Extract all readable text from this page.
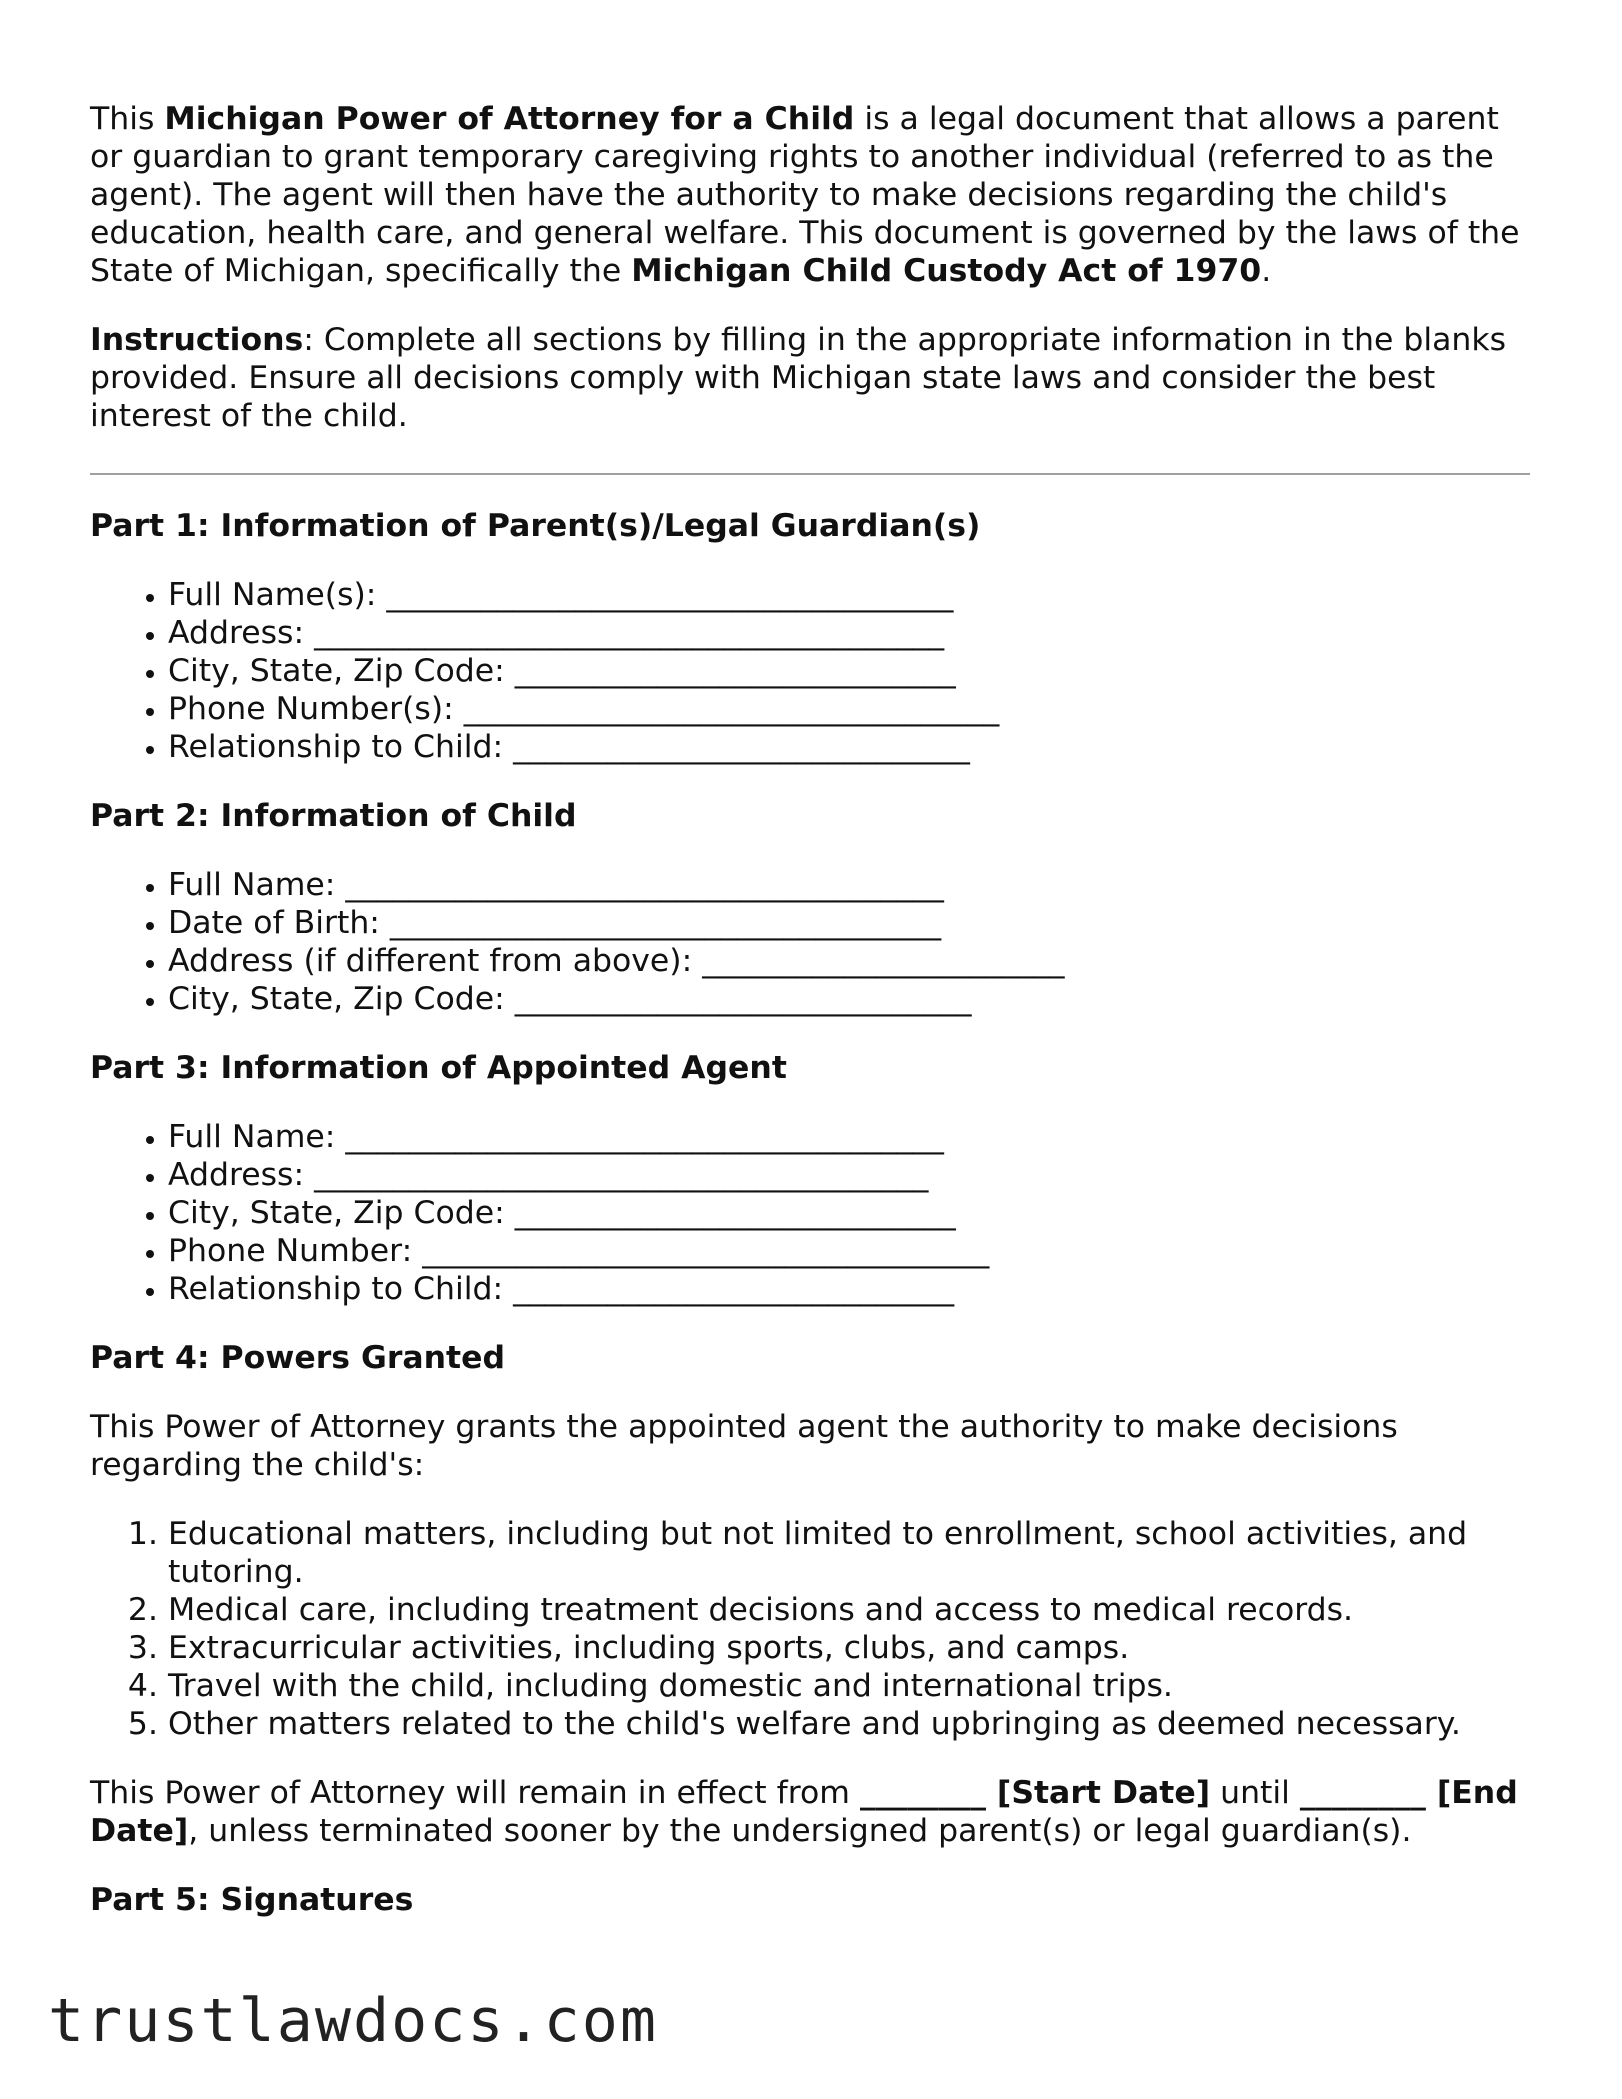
This Michigan Power of Attorney for a Child is a legal document that allows a parent or guardian to grant temporary caregiving rights to another individual (referred to as the agent). The agent will then have the authority to make decisions regarding the child's education, health care, and general welfare. This document is governed by the laws of the State of Michigan, specifically the Michigan Child Custody Act of 1970.

Instructions: Complete all sections by filling in the appropriate information in the blanks provided. Ensure all decisions comply with Michigan state laws and consider the best interest of the child.

Part 1: Information of Parent(s)/Legal Guardian(s)
• Full Name(s): ____________________________________
• Address: ________________________________________
• City, State, Zip Code: ____________________________
• Phone Number(s): __________________________________
• Relationship to Child: _____________________________
Part 2: Information of Child
• Full Name: ______________________________________
• Date of Birth: ___________________________________
• Address (if different from above): _______________________
• City, State, Zip Code: _____________________________
Part 3: Information of Appointed Agent
• Full Name: ______________________________________
• Address: _______________________________________
• City, State, Zip Code: ____________________________
• Phone Number: ____________________________________
• Relationship to Child: ____________________________
Part 4: Powers Granted

This Power of Attorney grants the appointed agent the authority to make decisions regarding the child's:

1. Educational matters, including but not limited to enrollment, school activities, and tutoring.
2. Medical care, including treatment decisions and access to medical records.
3. Extracurricular activities, including sports, clubs, and camps.
4. Travel with the child, including domestic and international trips.
5. Other matters related to the child's welfare and upbringing as deemed necessary.

This Power of Attorney will remain in effect from ________ [Start Date] until ________ [End Date], unless terminated sooner by the undersigned parent(s) or legal guardian(s).

Part 5: Signatures
trustlawdocs.com
